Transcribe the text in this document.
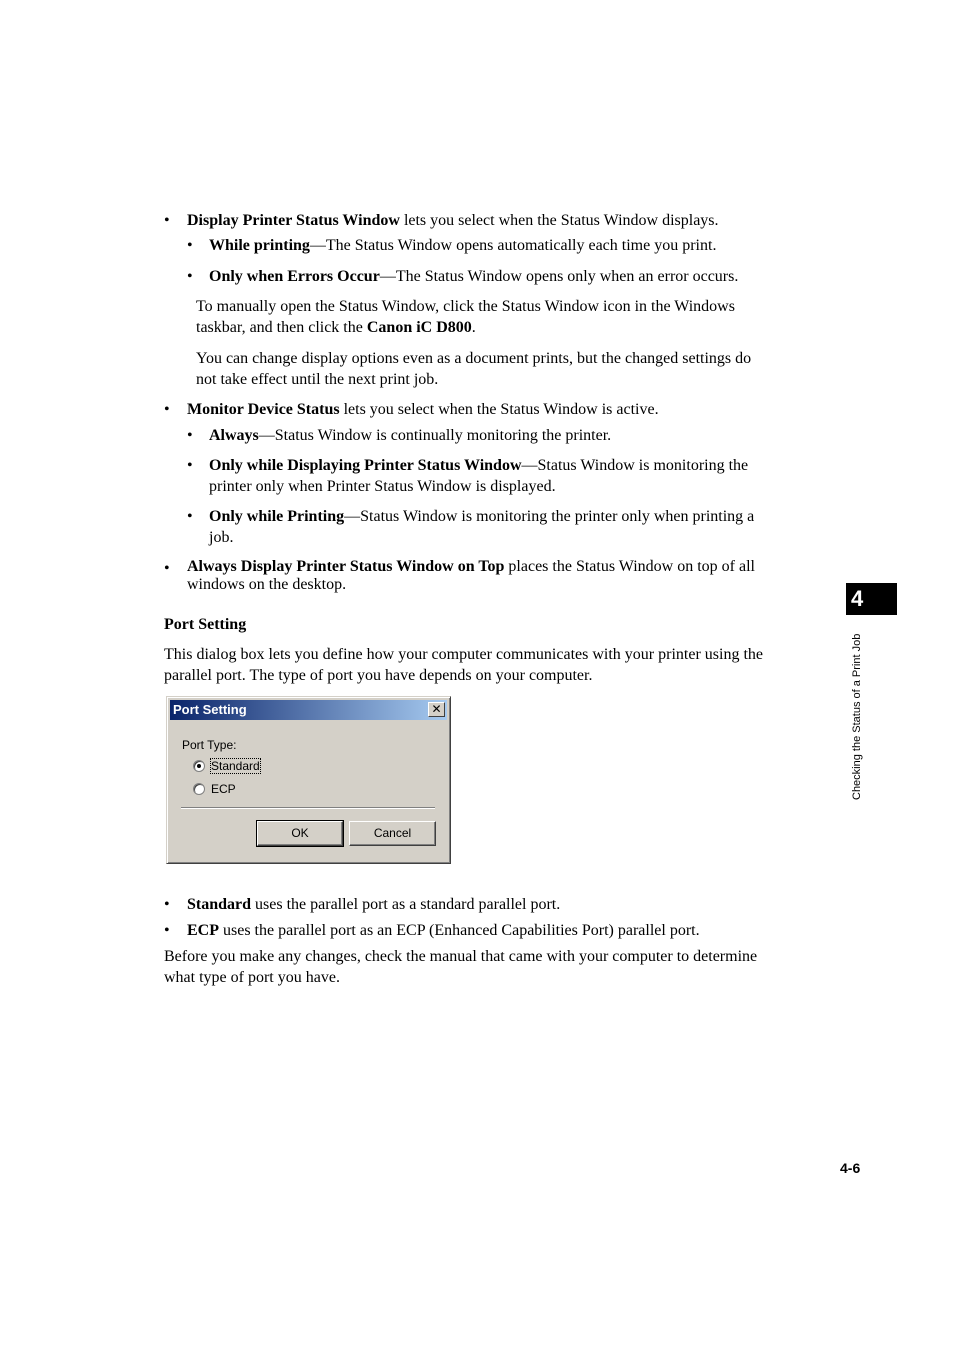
•	Display Printer Status Window lets you select when the Status Window displays.
•	While printing—The Status Window opens automatically each time you print.
•	Only when Errors Occur—The Status Window opens only when an error occurs.
To manually open the Status Window, click the Status Window icon in the Windows
taskbar, and then click the Canon iC D800.
You can change display options even as a document prints, but the changed settings do
not take effect until the next print job.
•	Monitor Device Status lets you select when the Status Window is active.
•	Always—Status Window is continually monitoring the printer.
•	Only while Displaying Printer Status Window—Status Window is monitoring the
printer only when Printer Status Window is displayed.
•	Only while Printing—Status Window is monitoring the printer only when printing a
job.
•	Always Display Printer Status Window on Top places the Status Window on top of all
windows on the desktop.
Port Setting
This dialog box lets you define how your computer communicates with your printer using the
parallel port. The type of port you have depends on your computer.
Port Setting	✕
Port Type:
Standard
ECP
OK	Cancel
•	Standard uses the parallel port as a standard parallel port.
•	ECP uses the parallel port as an ECP (Enhanced Capabilities Port) parallel port.
Before you make any changes, check the manual that came with your computer to determine
what type of port you have.
4
Checking the Status of a Print Job
4-6
